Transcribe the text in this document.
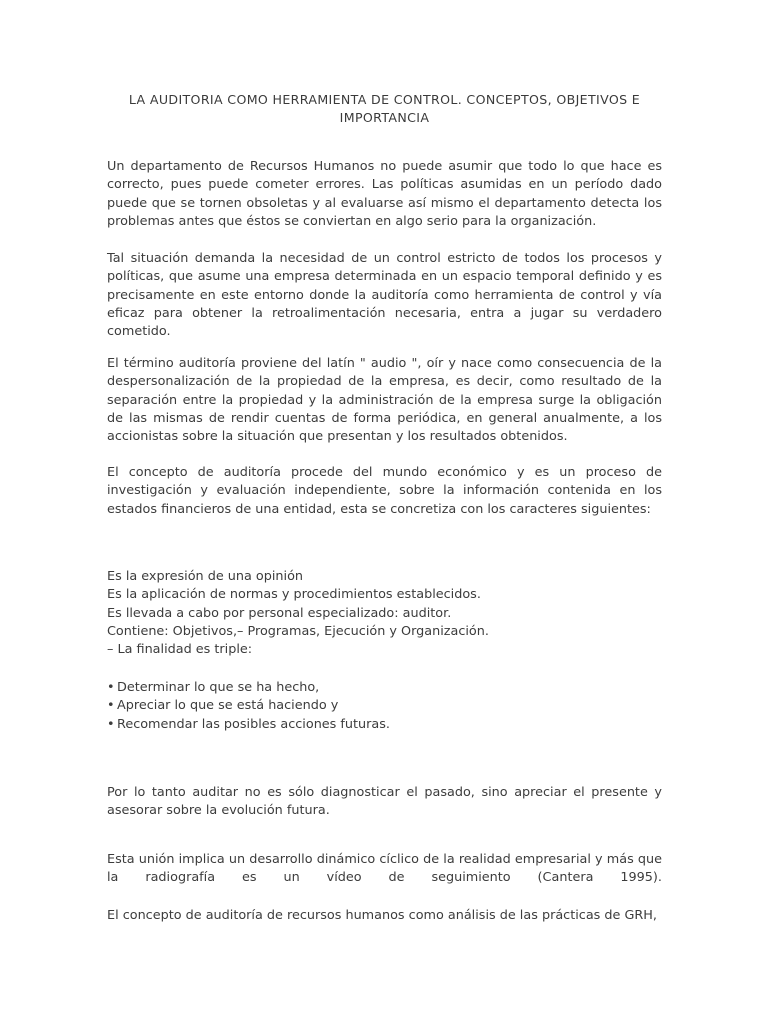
LA AUDITORIA COMO HERRAMIENTA DE CONTROL. CONCEPTOS, OBJETIVOS E IMPORTANCIA

Un departamento de Recursos Humanos no puede asumir que todo lo que hace es correcto, pues puede cometer errores. Las políticas asumidas en un período dado puede que se tornen obsoletas y al evaluarse así mismo el departamento detecta los problemas antes que éstos se conviertan en algo serio para la organización.

Tal situación demanda la necesidad de un control estricto de todos los procesos y políticas, que asume una empresa determinada en un espacio temporal definido y es precisamente en este entorno donde la auditoría como herramienta de control y vía eficaz para obtener la retroalimentación necesaria, entra a jugar su verdadero cometido.

El término auditoría proviene del latín " audio ", oír y nace como consecuencia de la despersonalización de la propiedad de la empresa, es decir, como resultado de la separación entre la propiedad y la administración de la empresa surge la obligación de las mismas de rendir cuentas de forma periódica, en general anualmente, a los accionistas sobre la situación que presentan y los resultados obtenidos.

El concepto de auditoría procede del mundo económico y es un proceso de investigación y evaluación independiente, sobre la información contenida en los estados financieros de una entidad, esta se concretiza con los caracteres siguientes:

Es la expresión de una opinión
Es la aplicación de normas y procedimientos establecidos.
Es llevada a cabo por personal especializado: auditor.
Contiene: Objetivos,– Programas, Ejecución y Organización.
– La finalidad es triple:
• Determinar lo que se ha hecho,
• Apreciar lo que se está haciendo y
• Recomendar las posibles acciones futuras.

Por lo tanto auditar no es sólo diagnosticar el pasado, sino apreciar el presente y asesorar sobre la evolución futura.

Esta unión implica un desarrollo dinámico cíclico de la realidad empresarial y más que la radiografía es un vídeo de seguimiento (Cantera 1995).

El concepto de auditoría de recursos humanos como análisis de las prácticas de GRH,
